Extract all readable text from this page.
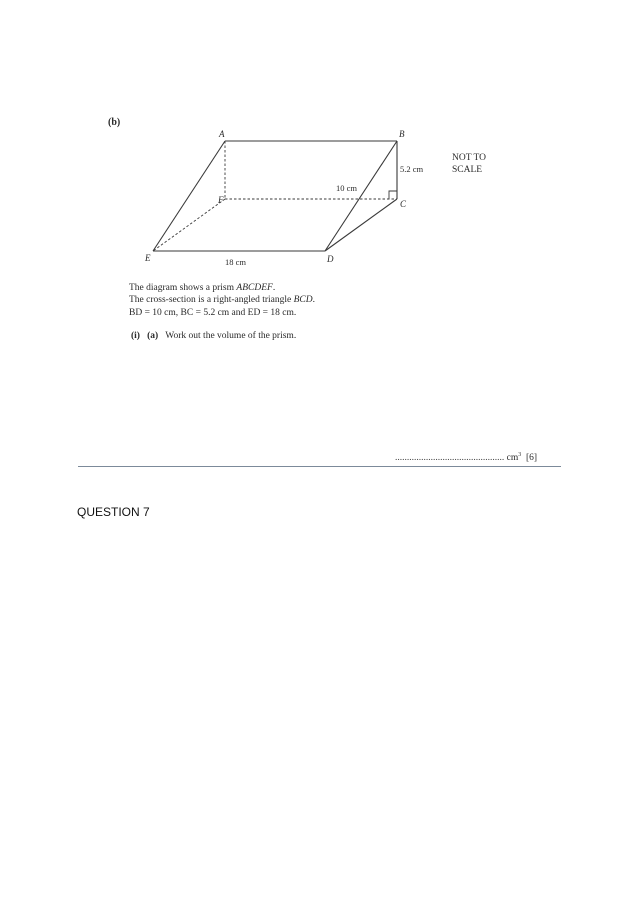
(b)
A	B
C
D
E
F
5.2 cm
10 cm
18 cm
NOT TO
SCALE
The diagram shows a prism ABCDEF.
The cross-section is a right-angled triangle BCD.
BD = 10 cm, BC = 5.2 cm and ED = 18 cm.
(i) (a) Work out the volume of the prism.
.............................................. $cm^3$ [6]
QUESTION 7
